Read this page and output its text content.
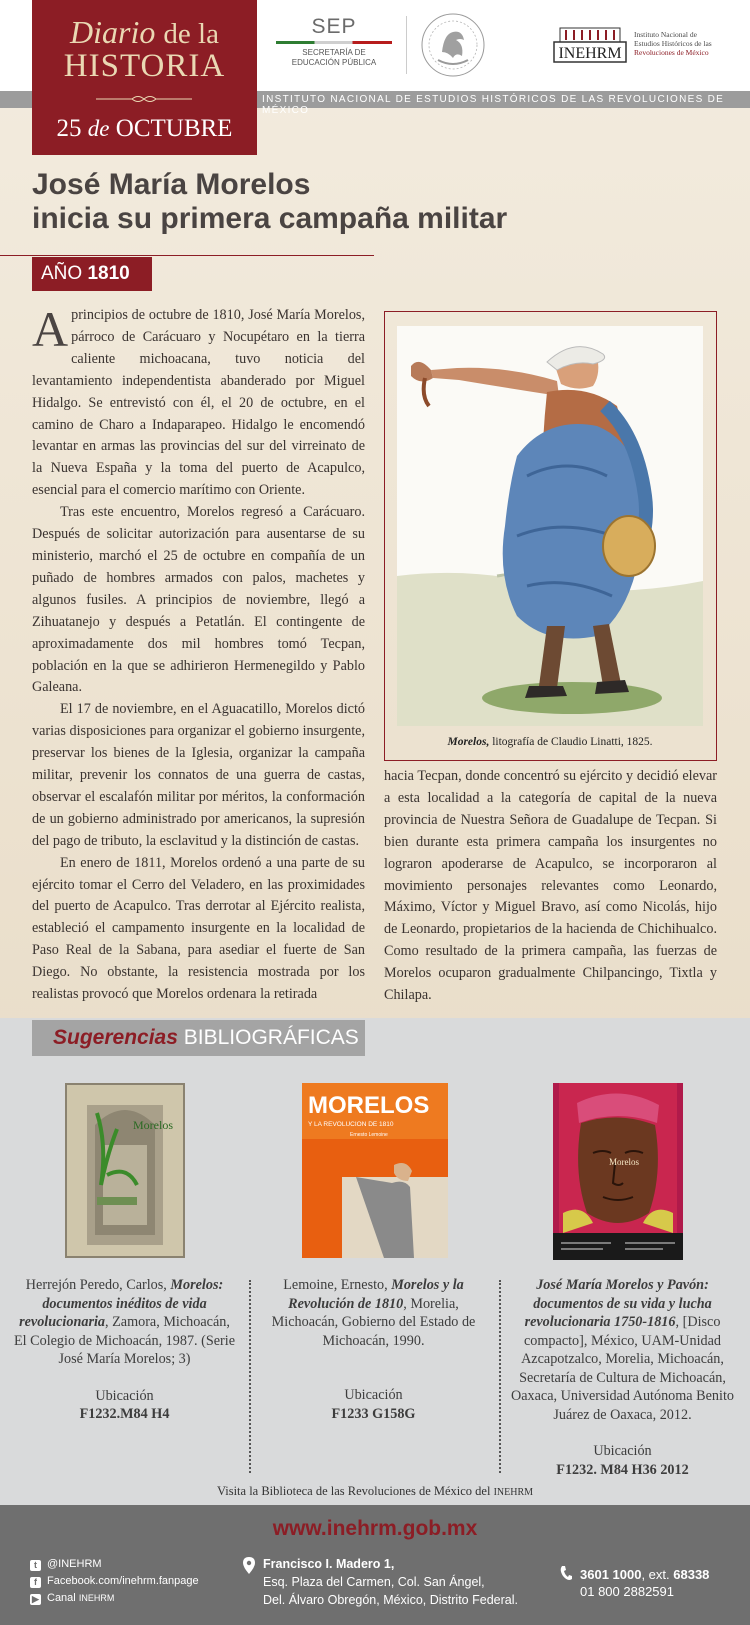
Diario de la
HISTORIA
25 de OCTUBRE
SEP
SECRETARÍA DE
EDUCACIÓN PÚBLICA
INEHRM
Instituto Nacional de
Estudios Históricos de las
Revoluciones de México
INSTITUTO NACIONAL DE ESTUDIOS HISTÓRICOS DE LAS REVOLUCIONES DE MÉXICO
José María Morelos
inicia su primera campaña militar
AÑO 1810

Aprincipios de octubre de 1810, José María Morelos, párroco de Carácuaro y Nocupétaro en la tierra caliente michoacana, tuvo noticia del levantamiento independentista abanderado por Miguel Hidalgo. Se entrevistó con él, el 20 de octubre, en el camino de Charo a Indaparapeo. Hidalgo le encomendó levantar en armas las provincias del sur del virreinato de la Nueva España y la toma del puerto de Acapulco, esencial para el comercio marítimo con Oriente.

Tras este encuentro, Morelos regresó a Carácuaro. Después de solicitar autorización para ausentarse de su ministerio, marchó el 25 de octubre en compañía de un puñado de hombres armados con palos, machetes y algunos fusiles. A principios de noviembre, llegó a Zihuatanejo y después a Petatlán. El contingente de aproximadamente dos mil hombres tomó Tecpan, población en la que se adhirieron Hermenegildo y Pablo Galeana.

El 17 de noviembre, en el Aguacatillo, Morelos dictó varias disposiciones para organizar el gobierno insurgente, preservar los bienes de la Iglesia, organizar la campaña militar, prevenir los connatos de una guerra de castas, observar el escalafón militar por méritos, la conformación de un gobierno administrado por americanos, la supresión del pago de tributo, la esclavitud y la distinción de castas.

En enero de 1811, Morelos ordenó a una parte de su ejército tomar el Cerro del Veladero, en las proximidades del puerto de Acapulco. Tras derrotar al Ejército realista, estableció el campamento insurgente en la localidad de Paso Real de la Sabana, para asediar el fuerte de San Diego. No obstante, la resistencia mostrada por los realistas provocó que Morelos ordenara la retirada

Morelos, litografía de Claudio Linatti, 1825.

hacia Tecpan, donde concentró su ejército y decidió elevar a esta localidad a la categoría de capital de la nueva provincia de Nuestra Señora de Guadalupe de Tecpan. Si bien durante esta primera campaña los insurgentes no lograron apoderarse de Acapulco, se incorporaron al movimiento personajes relevantes como Leonardo, Máximo, Víctor y Miguel Bravo, así como Nicolás, hijo de Leonardo, propietarios de la hacienda de Chichihualco. Como resultado de la primera campaña, las fuerzas de Morelos ocuparon gradualmente Chilpancingo, Tixtla y Chilapa.

Sugerencias BIBLIOGRÁFICAS
Morelos
MORELOS
Y LA REVOLUCION DE 1810
Ernesto Lemoine
Morelos
Herrejón Peredo, Carlos, Morelos: documentos inéditos de vida revolucionaria, Zamora, Michoacán, El Colegio de Michoacán, 1987. (Serie José María Morelos; 3)
Ubicación
F1232.M84 H4
Lemoine, Ernesto, Morelos y la Revolución de 1810, Morelia, Michoacán, Gobierno del Estado de Michoacán, 1990.
Ubicación
F1233 G158G
José María Morelos y Pavón: documentos de su vida y lucha revolucionaria 1750-1816, [Disco compacto], México, UAM-Unidad Azcapotzalco, Morelia, Michoacán, Secretaría de Cultura de Michoacán, Oaxaca, Universidad Autónoma Benito Juárez de Oaxaca, 2012.
Ubicación
F1232. M84 H36 2012
Visita la Biblioteca de las Revoluciones de México del INEHRM
www.inehrm.gob.mx
t @INEHRM
f Facebook.com/inehrm.fanpage
▶ Canal INEHRM
Francisco I. Madero 1,
Esq. Plaza del Carmen, Col. San Ángel,
Del. Álvaro Obregón, México, Distrito Federal.
3601 1000, ext. 68338
01 800 2882591
